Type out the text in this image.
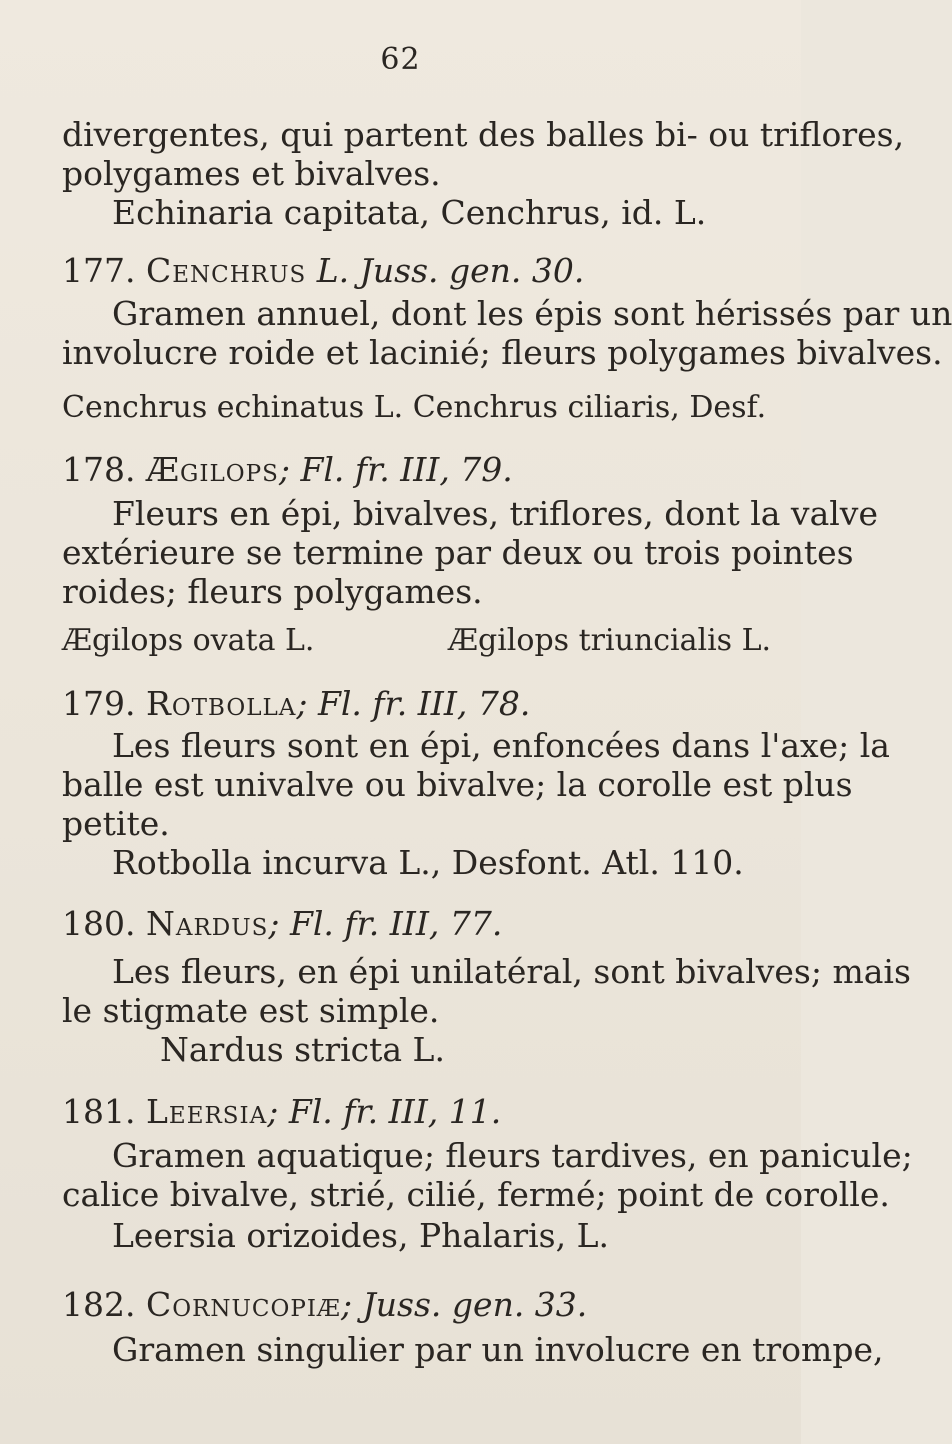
62
divergentes, qui partent des balles bi- ou triflores,
polygames et bivalves.
Echinaria capitata, Cenchrus, id. L.
177. Cenchrus L. Juss. gen. 30.
Gramen annuel, dont les épis sont hérissés par un
involucre roide et lacinié; fleurs polygames bivalves.
Cenchrus echinatus L. Cenchrus ciliaris, Desf.
178. Ægilops; Fl. fr. III, 79.
Fleurs en épi, bivalves, triflores, dont la valve
extérieure se termine par deux ou trois pointes
roides; fleurs polygames.
Ægilops ovata L.              Ægilops triuncialis L.
179. Rotbolla; Fl. fr. III, 78.
Les fleurs sont en épi, enfoncées dans l'axe; la
balle est univalve ou bivalve; la corolle est plus
petite.
Rotbolla incurva L., Desfont. Atl. 110.
180. Nardus; Fl. fr. III, 77.
Les fleurs, en épi unilatéral, sont bivalves; mais
le stigmate est simple.
Nardus stricta L.
181. Leersia; Fl. fr. III, 11.
Gramen aquatique; fleurs tardives, en panicule;
calice bivalve, strié, cilié, fermé; point de corolle.
Leersia orizoides, Phalaris, L.
182. Cornucopiæ; Juss. gen. 33.
Gramen singulier par un involucre en trompe,
